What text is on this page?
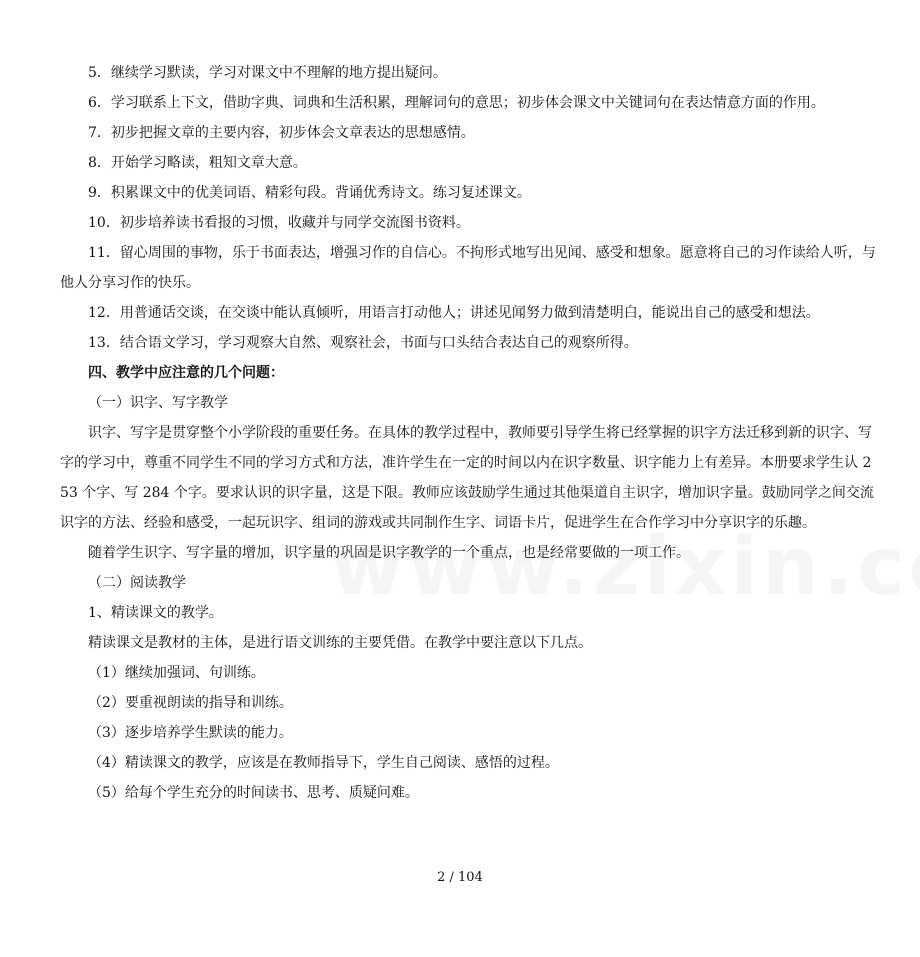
5．继续学习默读，学习对课文中不理解的地方提出疑问。

6．学习联系上下文，借助字典、词典和生活积累，理解词句的意思；初步体会课文中关键词句在表达情意方面的作用。

7．初步把握文章的主要内容，初步体会文章表达的思想感情。

8．开始学习略读，粗知文章大意。

9．积累课文中的优美词语、精彩句段。背诵优秀诗文。练习复述课文。

10．初步培养读书看报的习惯，收藏并与同学交流图书资料。

11．留心周围的事物，乐于书面表达，增强习作的自信心。不拘形式地写出见闻、感受和想象。愿意将自己的习作读给人听，与他人分享习作的快乐。

12．用普通话交谈，在交谈中能认真倾听，用语言打动他人；讲述见闻努力做到清楚明白，能说出自己的感受和想法。

13．结合语文学习，学习观察大自然、观察社会，书面与口头结合表达自己的观察所得。

四、教学中应注意的几个问题：

（一）识字、写字教学

识字、写字是贯穿整个小学阶段的重要任务。在具体的教学过程中，教师要引导学生将已经掌握的识字方法迁移到新的识字、写字的学习中，尊重不同学生不同的学习方式和方法，准许学生在一定的时间以内在识字数量、识字能力上有差异。本册要求学生认 253 个字、写 284 个字。要求认识的识字量，这是下限。教师应该鼓励学生通过其他渠道自主识字，增加识字量。鼓励同学之间交流识字的方法、经验和感受，一起玩识字、组词的游戏或共同制作生字、词语卡片，促进学生在合作学习中分享识字的乐趣。

随着学生识字、写字量的增加，识字量的巩固是识字教学的一个重点，也是经常要做的一项工作。

（二）阅读教学

1、精读课文的教学。

精读课文是教材的主体，是进行语文训练的主要凭借。在教学中要注意以下几点。

（1）继续加强词、句训练。

（2）要重视朗读的指导和训练。

（3）逐步培养学生默读的能力。

（4）精读课文的教学，应该是在教师指导下，学生自己阅读、感悟的过程。

（5）给每个学生充分的时间读书、思考、质疑问难。

2 / 104
